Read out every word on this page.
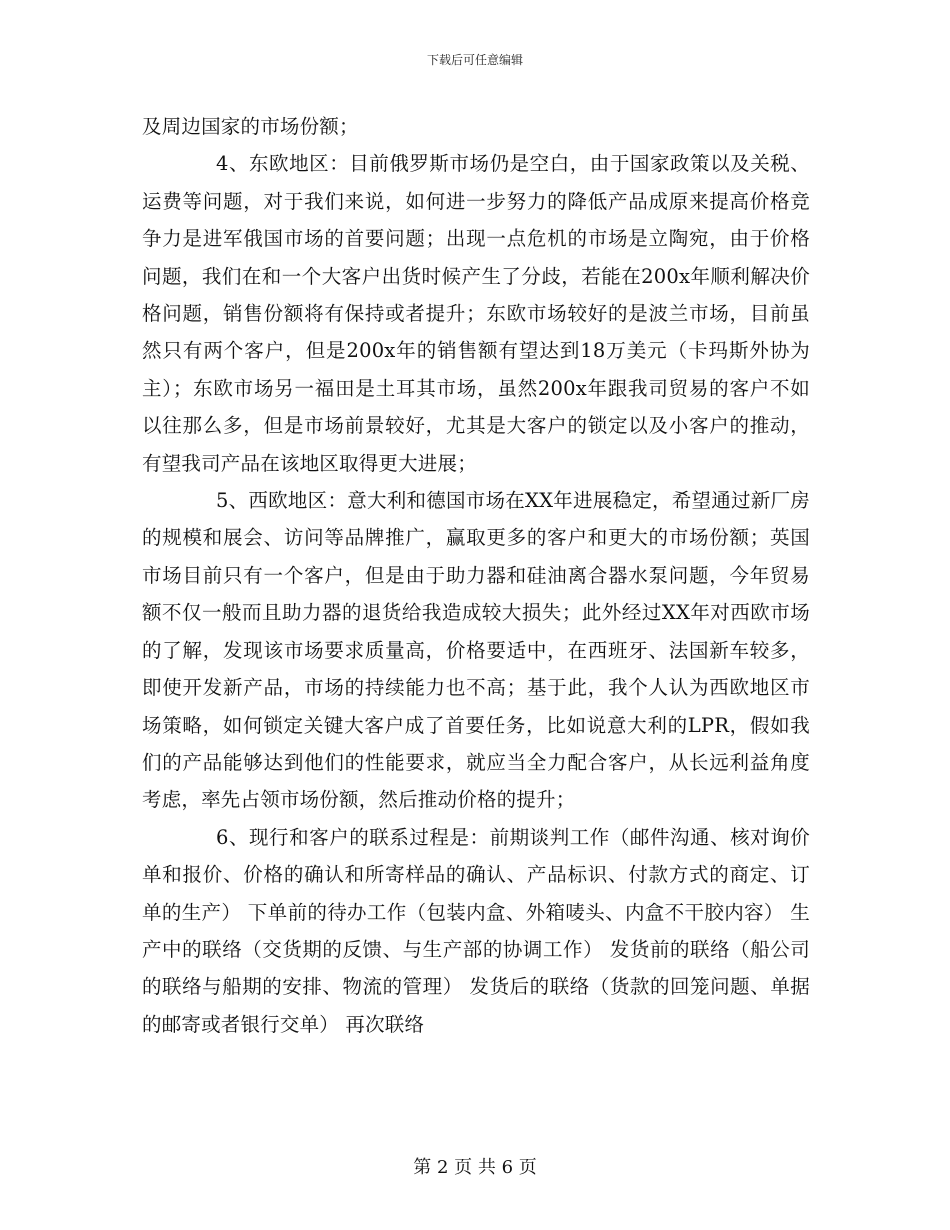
下载后可任意编辑

及周边国家的市场份额；

4、东欧地区：目前俄罗斯市场仍是空白，由于国家政策以及关税、运费等问题，对于我们来说，如何进一步努力的降低产品成原来提高价格竞争力是进军俄国市场的首要问题；出现一点危机的市场是立陶宛，由于价格问题，我们在和一个大客户出货时候产生了分歧，若能在200x年顺利解决价格问题，销售份额将有保持或者提升；东欧市场较好的是波兰市场，目前虽然只有两个客户，但是200x年的销售额有望达到18万美元（卡玛斯外协为主）；东欧市场另一福田是土耳其市场，虽然200x年跟我司贸易的客户不如以往那么多，但是市场前景较好，尤其是大客户的锁定以及小客户的推动，有望我司产品在该地区取得更大进展；

5、西欧地区：意大利和德国市场在XX年进展稳定，希望通过新厂房的规模和展会、访问等品牌推广，赢取更多的客户和更大的市场份额；英国市场目前只有一个客户，但是由于助力器和硅油离合器水泵问题，今年贸易额不仅一般而且助力器的退货给我造成较大损失；此外经过XX年对西欧市场的了解，发现该市场要求质量高，价格要适中，在西班牙、法国新车较多，即使开发新产品，市场的持续能力也不高；基于此，我个人认为西欧地区市场策略，如何锁定关键大客户成了首要任务，比如说意大利的LPR，假如我们的产品能够达到他们的性能要求，就应当全力配合客户，从长远利益角度考虑，率先占领市场份额，然后推动价格的提升；

6、现行和客户的联系过程是：前期谈判工作（邮件沟通、核对询价单和报价、价格的确认和所寄样品的确认、产品标识、付款方式的商定、订单的生产） 下单前的待办工作（包装内盒、外箱唛头、内盒不干胶内容） 生产中的联络（交货期的反馈、与生产部的协调工作） 发货前的联络（船公司的联络与船期的安排、物流的管理） 发货后的联络（货款的回笼问题、单据的邮寄或者银行交单） 再次联络

第 2 页 共 6 页
